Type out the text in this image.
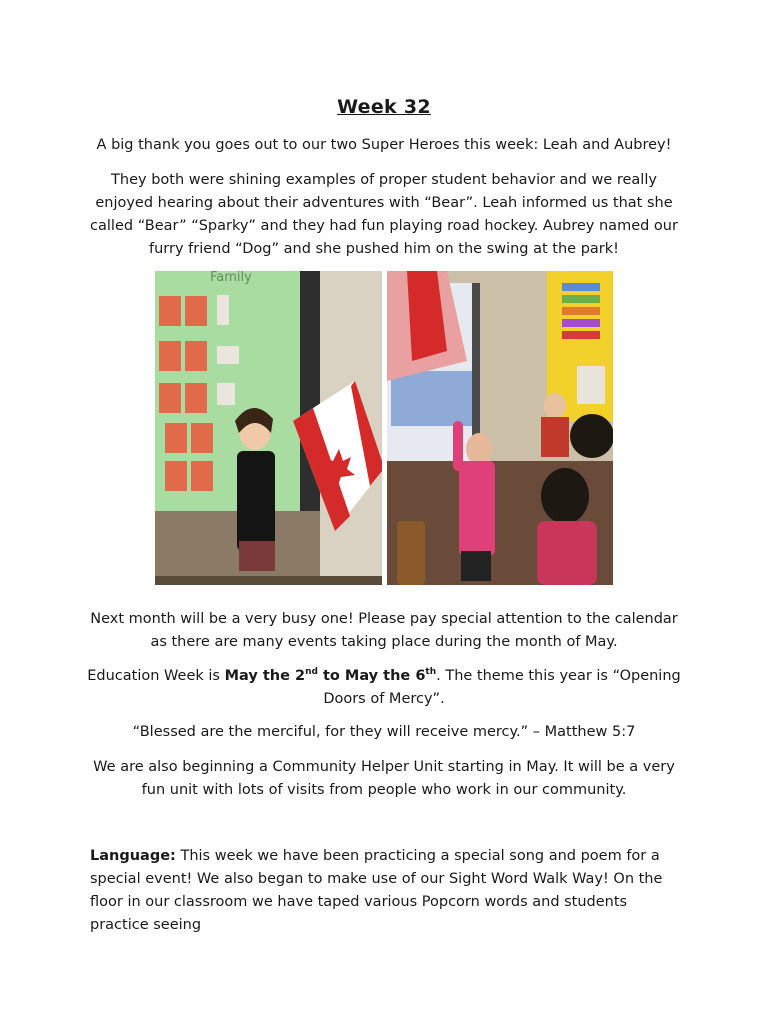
Week 32

A big thank you goes out to our two Super Heroes this week: Leah and Aubrey!

They both were shining examples of proper student behavior and we really enjoyed hearing about their adventures with “Bear”. Leah informed us that she called “Bear” “Sparky” and they had fun playing road hockey. Aubrey named our furry friend “Dog” and she pushed him on the swing at the park!

Family

Next month will be a very busy one! Please pay special attention to the calendar as there are many events taking place during the month of May.

Education Week is May the 2nd to May the 6th. The theme this year is “Opening Doors of Mercy”.

“Blessed are the merciful, for they will receive mercy.” – Matthew 5:7

We are also beginning a Community Helper Unit starting in May. It will be a very fun unit with lots of visits from people who work in our community.

Language: This week we have been practicing a special song and poem for a special event! We also began to make use of our Sight Word Walk Way! On the floor in our classroom we have taped various Popcorn words and students practice seeing
